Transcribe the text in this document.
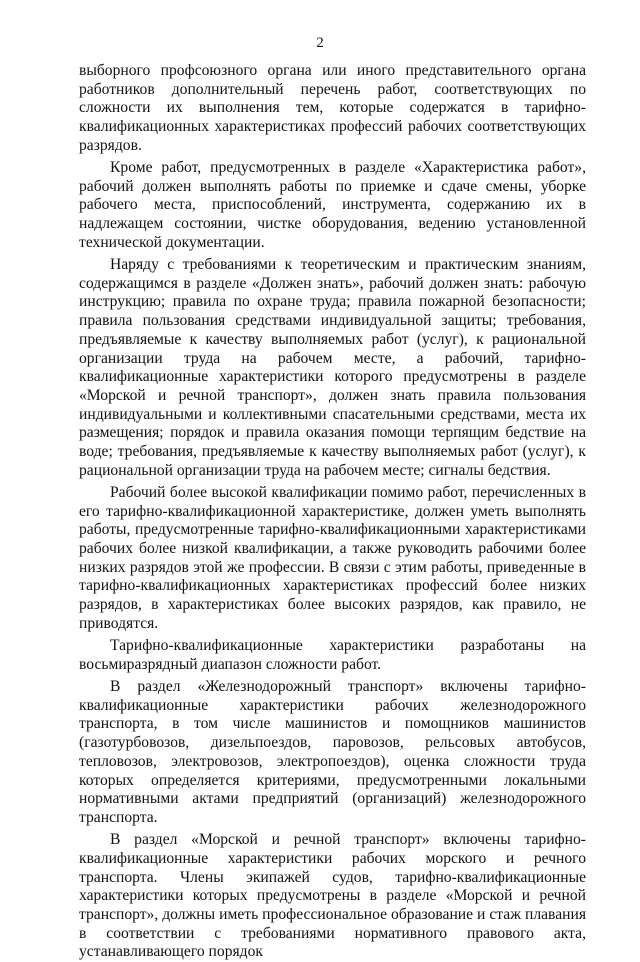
2

выборного профсоюзного органа или иного представительного органа работников дополнительный перечень работ, соответствующих по сложности их выполнения тем, которые содержатся в тарифно-квалификационных характеристиках профессий рабочих соответствующих разрядов.

Кроме работ, предусмотренных в разделе «Характеристика работ», рабочий должен выполнять работы по приемке и сдаче смены, уборке рабочего места, приспособлений, инструмента, содержанию их в надлежащем состоянии, чистке оборудования, ведению установленной технической документации.

Наряду с требованиями к теоретическим и практическим знаниям, содержащимся в разделе «Должен знать», рабочий должен знать: рабочую инструкцию; правила по охране труда; правила пожарной безопасности; правила пользования средствами индивидуальной защиты; требования, предъявляемые к качеству выполняемых работ (услуг), к рациональной организации труда на рабочем месте, а рабочий, тарифно-квалификационные характеристики которого предусмотрены в разделе «Морской и речной транспорт», должен знать правила пользования индивидуальными и коллективными спасательными средствами, места их размещения; порядок и правила оказания помощи терпящим бедствие на воде; требования, предъявляемые к качеству выполняемых работ (услуг), к рациональной организации труда на рабочем месте; сигналы бедствия.

Рабочий более высокой квалификации помимо работ, перечисленных в его тарифно-квалификационной характеристике, должен уметь выполнять работы, предусмотренные тарифно-квалификационными характеристиками рабочих более низкой квалификации, а также руководить рабочими более низких разрядов этой же профессии. В связи с этим работы, приведенные в тарифно-квалификационных характеристиках профессий более низких разрядов, в характеристиках более высоких разрядов, как правило, не приводятся.

Тарифно-квалификационные характеристики разработаны на восьмиразрядный диапазон сложности работ.

В раздел «Железнодорожный транспорт» включены тарифно-квалификационные характеристики рабочих железнодорожного транспорта, в том числе машинистов и помощников машинистов (газотурбовозов, дизельпоездов, паровозов, рельсовых автобусов, тепловозов, электровозов, электропоездов), оценка сложности труда которых определяется критериями, предусмотренными локальными нормативными актами предприятий (организаций) железнодорожного транспорта.

В раздел «Морской и речной транспорт» включены тарифно-квалификационные характеристики рабочих морского и речного транспорта. Члены экипажей судов, тарифно-квалификационные характеристики которых предусмотрены в разделе «Морской и речной транспорт», должны иметь профессиональное образование и стаж плавания в соответствии с требованиями нормативного правового акта, устанавливающего порядок
